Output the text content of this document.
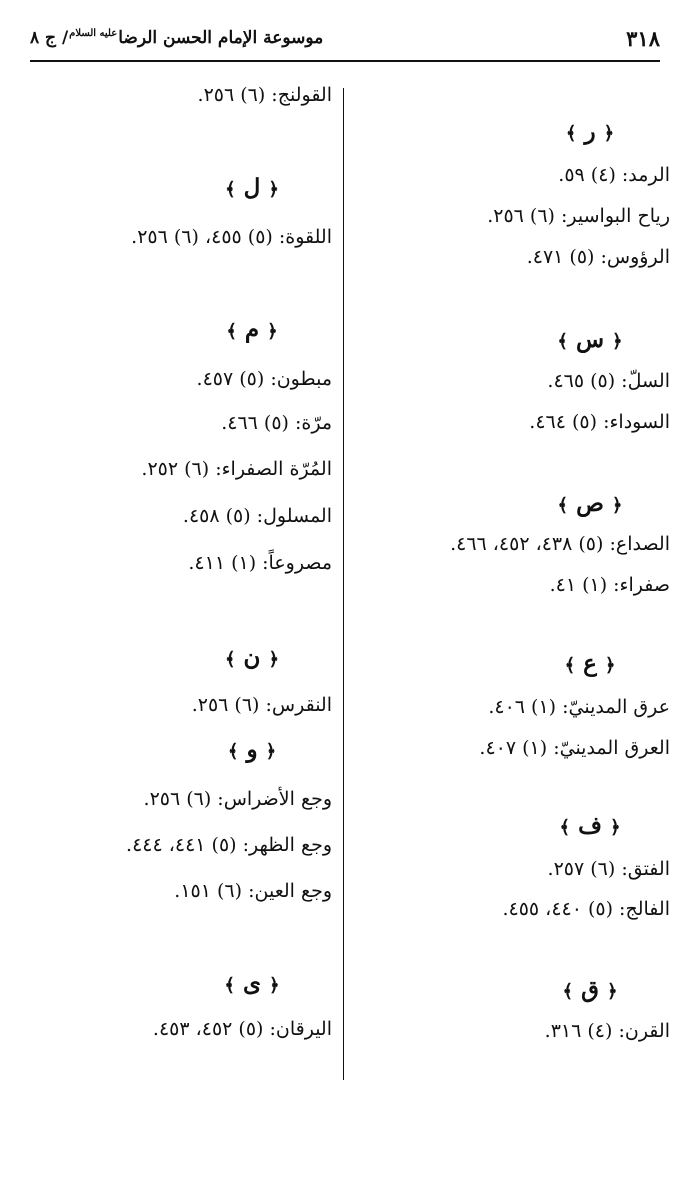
٣١٨
موسوعة الإمام الحسن الرضا$^{عليه السلام}$/ ج ٨
﴿ ر ﴾
الرمد: (٤) ٥٩.
رياح البواسير: (٦) ٢٥٦.
الرؤوس: (٥) ٤٧١.
﴿ س ﴾
السلّ: (٥) ٤٦٥.
السوداء: (٥) ٤٦٤.
﴿ ص ﴾
الصداع: (٥) ٤٣٨، ٤٥٢، ٤٦٦.
صفراء: (١) ٤١.
﴿ ع ﴾
عرق المدينيّ: (١) ٤٠٦.
العرق المدينيّ: (١) ٤٠٧.
﴿ ف ﴾
الفتق: (٦) ٢٥٧.
الفالج: (٥) ٤٤٠، ٤٥٥.
﴿ ق ﴾
القرن: (٤) ٣١٦.
القولنج: (٦) ٢٥٦.
﴿ ل ﴾
اللقوة: (٥) ٤٥٥، (٦) ٢٥٦.
﴿ م ﴾
مبطون: (٥) ٤٥٧.
مرّة: (٥) ٤٦٦.
المُرّة الصفراء: (٦) ٢٥٢.
المسلول: (٥) ٤٥٨.
مصروعاً: (١) ٤١١.
﴿ ن ﴾
النقرس: (٦) ٢٥٦.
﴿ و ﴾
وجع الأضراس: (٦) ٢٥٦.
وجع الظهر: (٥) ٤٤١، ٤٤٤.
وجع العين: (٦) ١٥١.
﴿ ى ﴾
اليرقان: (٥) ٤٥٢، ٤٥٣.
